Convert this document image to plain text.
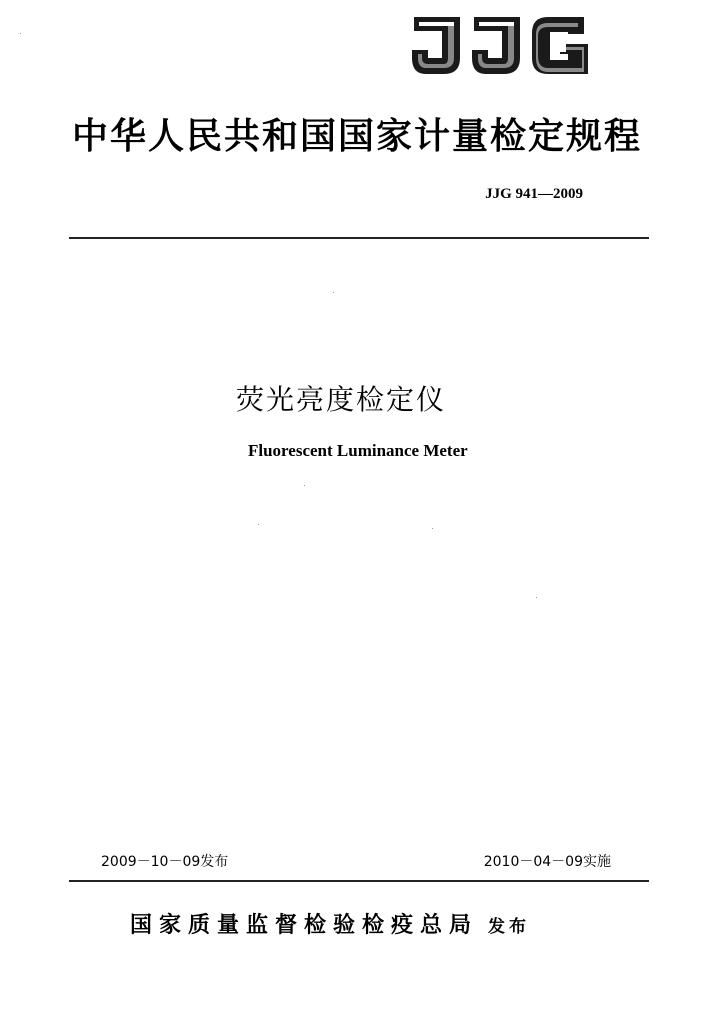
中华人民共和国国家计量检定规程
JJG 941—2009
荧光亮度检定仪
Fluorescent Luminance Meter
2009－10－09发布	2010－04－09实施
国家质量监督检验检疫总局 发布
